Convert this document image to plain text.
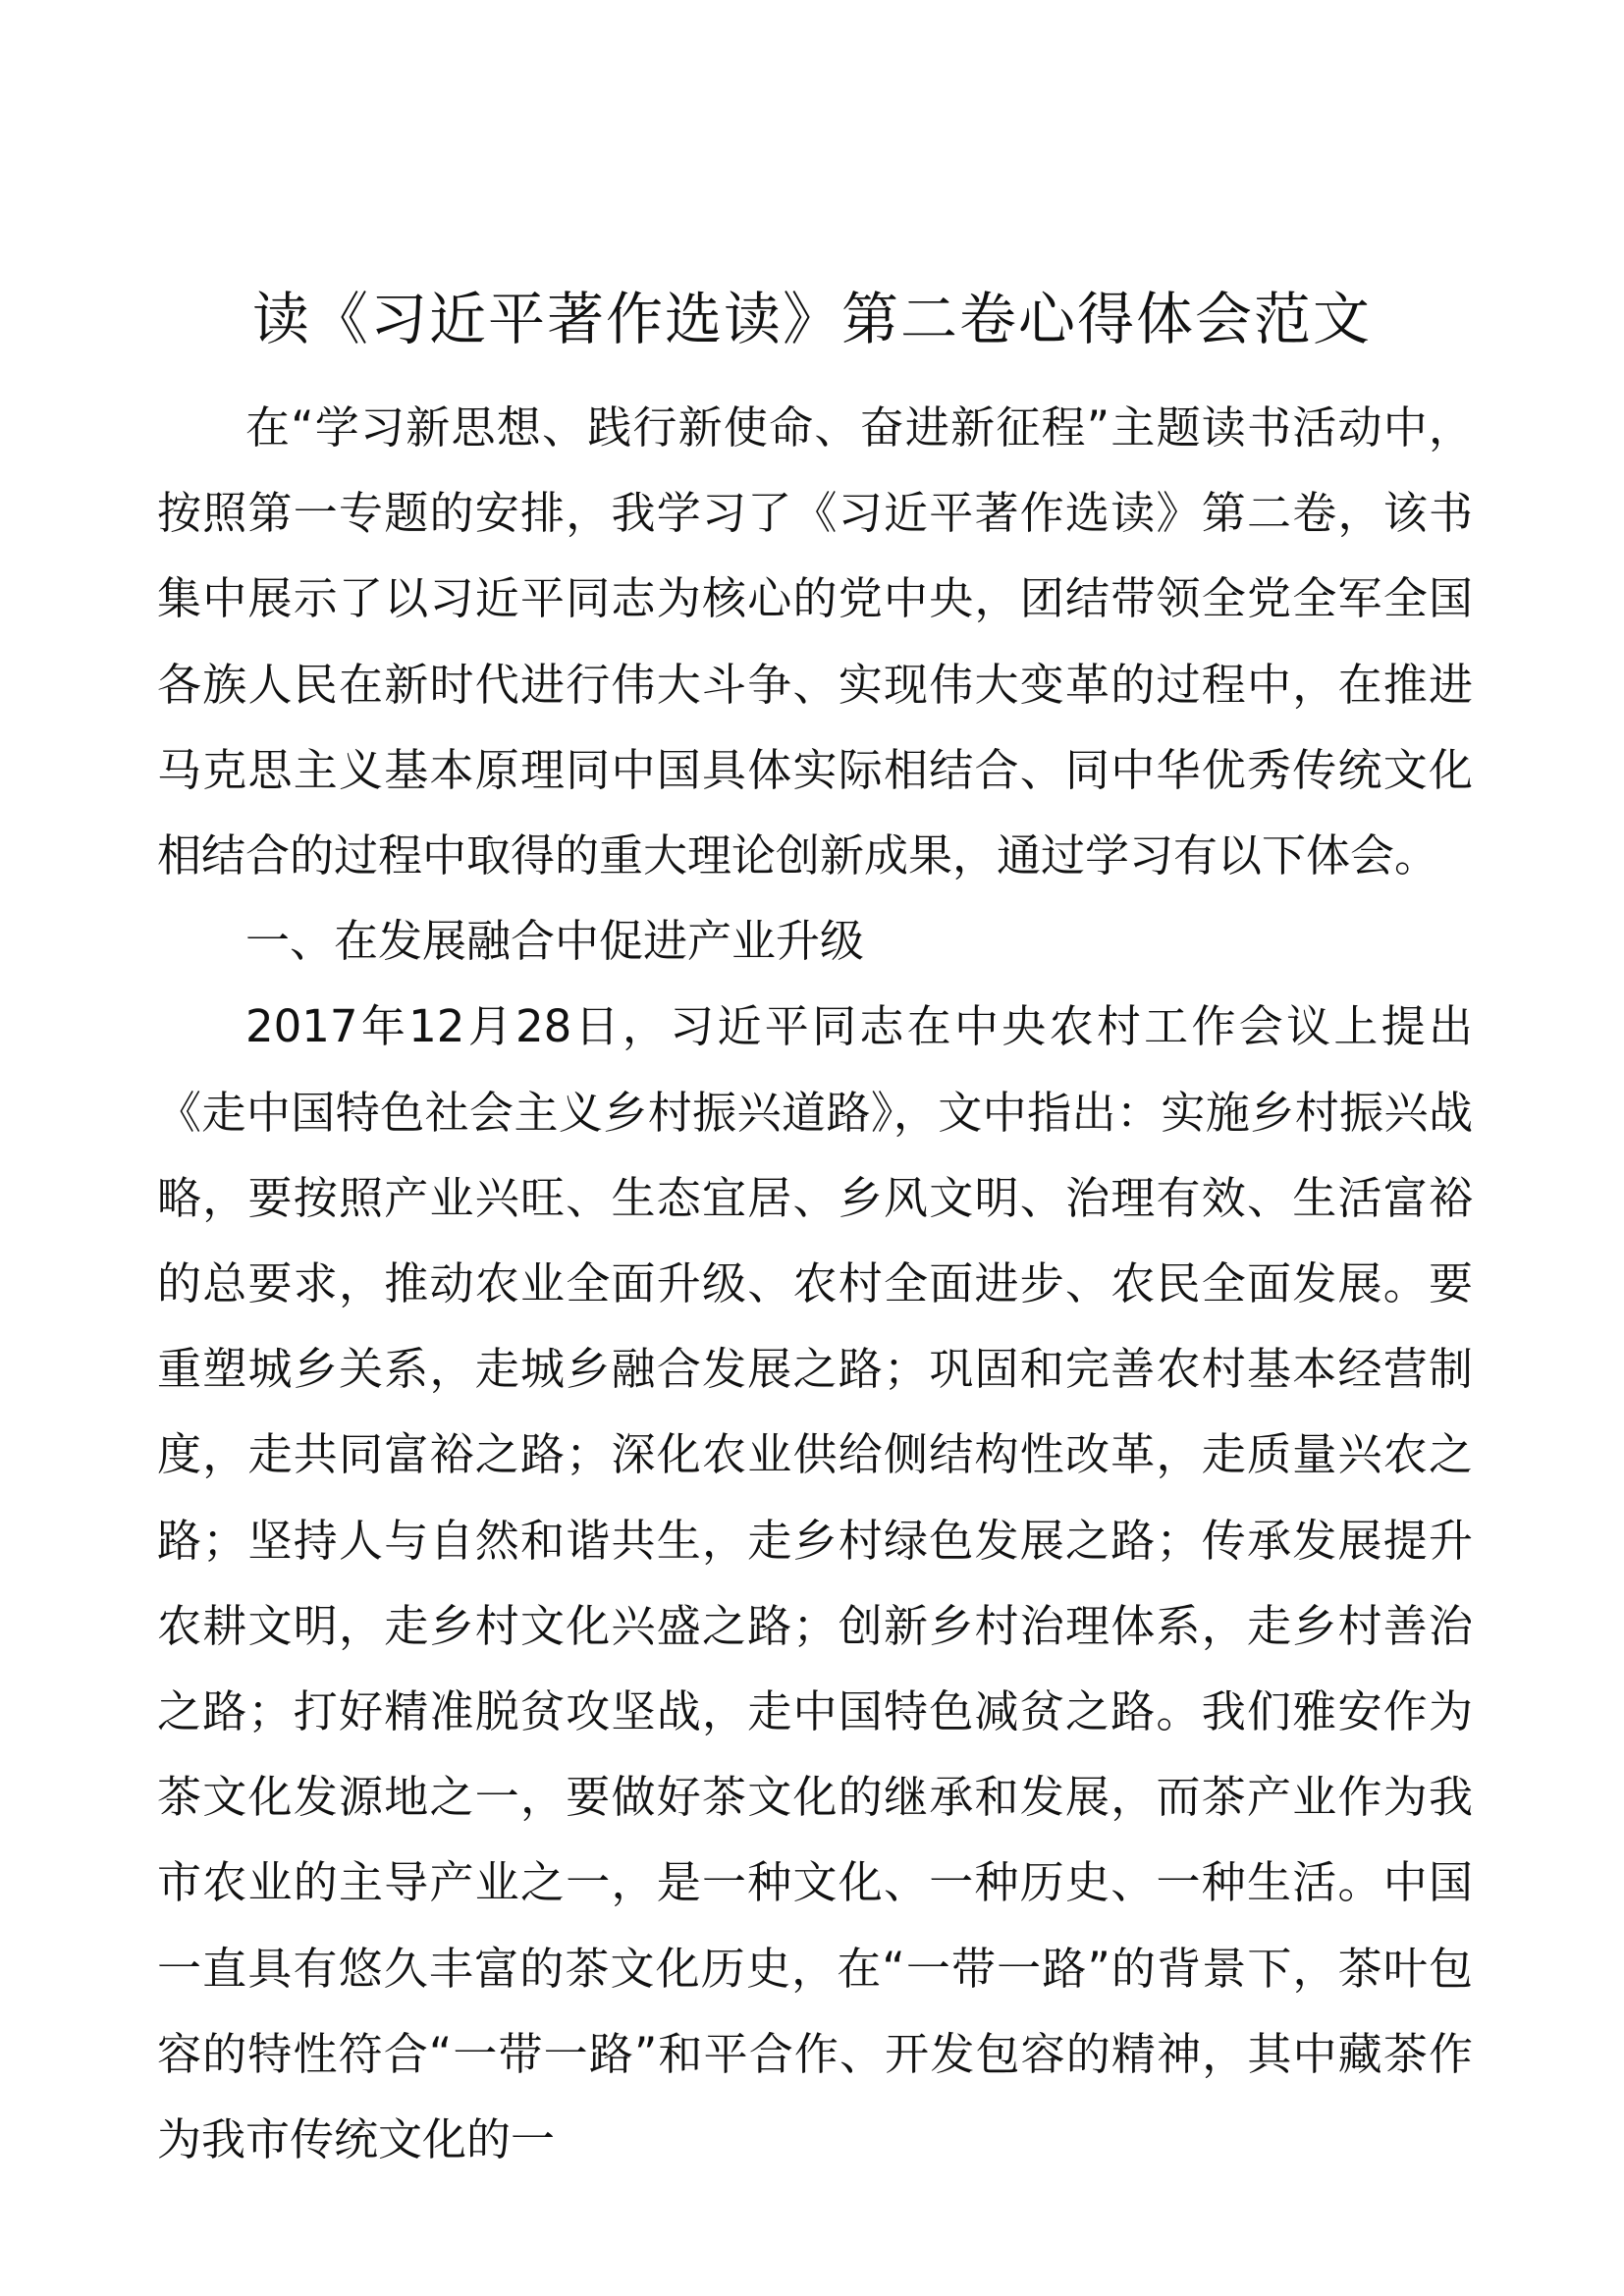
读《习近平著作选读》第二卷心得体会范文

在“学习新思想、践行新使命、奋进新征程”主题读书活动中，按照第一专题的安排，我学习了《习近平著作选读》第二卷，该书集中展示了以习近平同志为核心的党中央，团结带领全党全军全国各族人民在新时代进行伟大斗争、实现伟大变革的过程中，在推进马克思主义基本原理同中国具体实际相结合、同中华优秀传统文化相结合的过程中取得的重大理论创新成果，通过学习有以下体会。

一、在发展融合中促进产业升级

2017年12月28日，习近平同志在中央农村工作会议上提出《走中国特色社会主义乡村振兴道路》，文中指出：实施乡村振兴战略，要按照产业兴旺、生态宜居、乡风文明、治理有效、生活富裕的总要求，推动农业全面升级、农村全面进步、农民全面发展。要重塑城乡关系，走城乡融合发展之路；巩固和完善农村基本经营制度，走共同富裕之路；深化农业供给侧结构性改革，走质量兴农之路；坚持人与自然和谐共生，走乡村绿色发展之路；传承发展提升农耕文明，走乡村文化兴盛之路；创新乡村治理体系，走乡村善治之路；打好精准脱贫攻坚战，走中国特色减贫之路。我们雅安作为茶文化发源地之一，要做好茶文化的继承和发展，而茶产业作为我市农业的主导产业之一，是一种文化、一种历史、一种生活。中国一直具有悠久丰富的茶文化历史，在“一带一路”的背景下，茶叶包容的特性符合“一带一路”和平合作、开发包容的精神，其中藏茶作为我市传统文化的一
